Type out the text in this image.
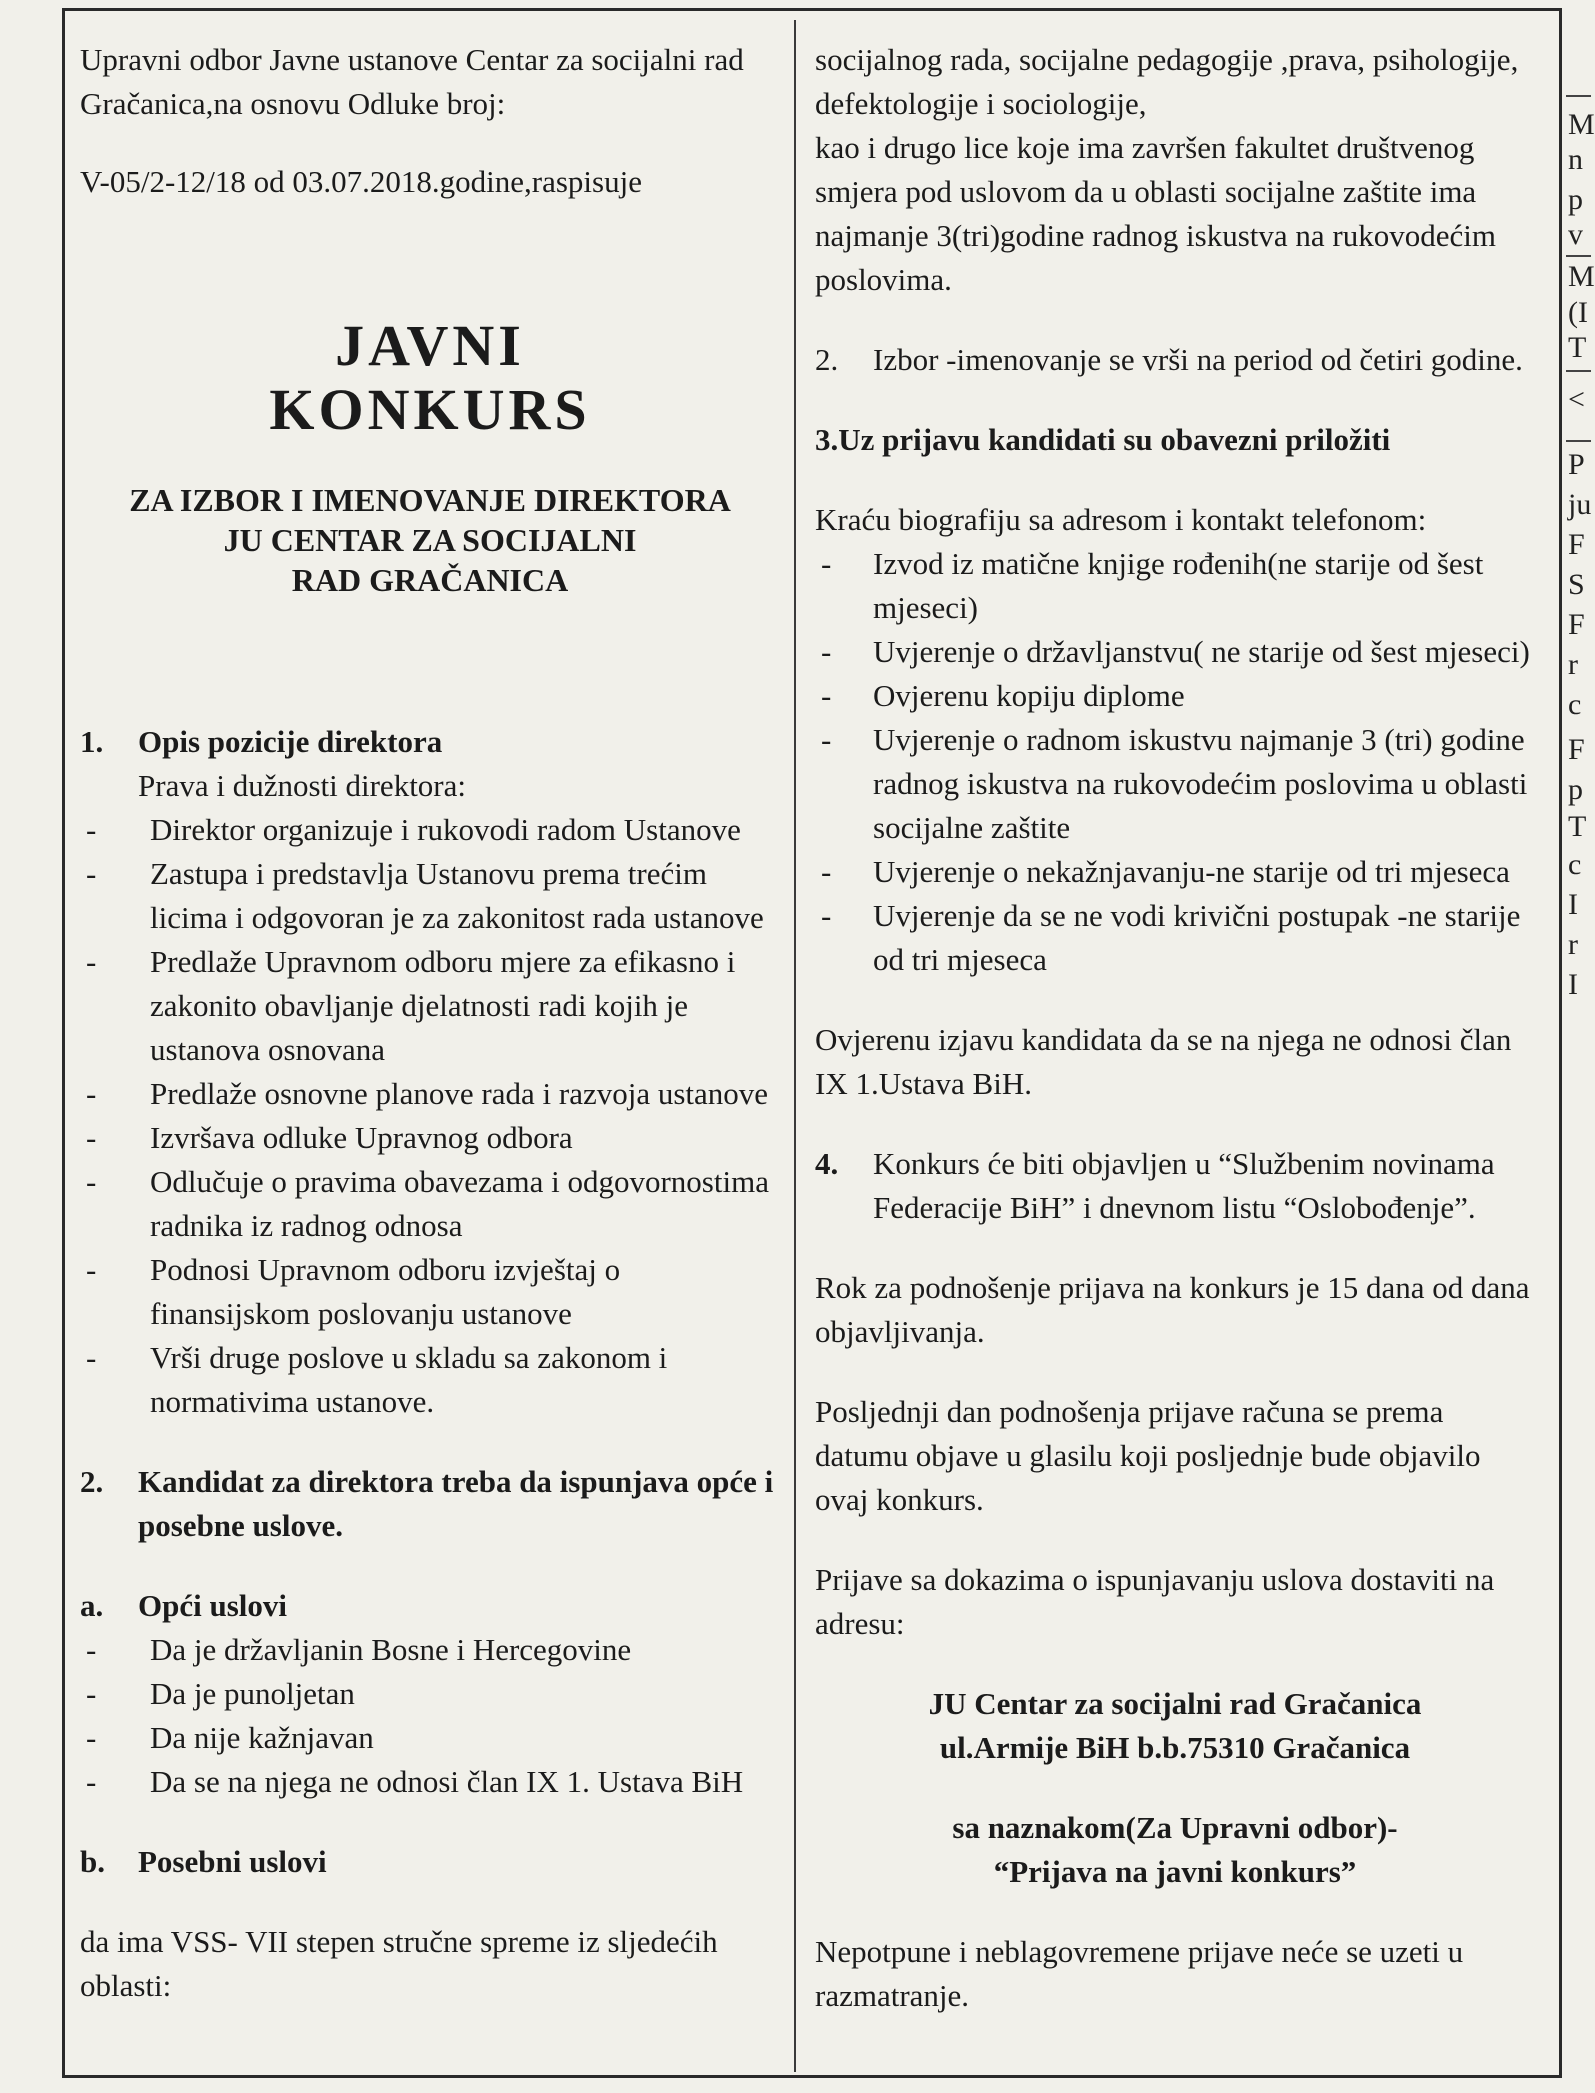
Upravni odbor Javne ustanove Centar za socijalni rad

Gračanica,na osnovu Odluke broj:

V-05/2-12/18 od 03.07.2018.godine,raspisuje

JAVNI
KONKURS
ZA IZBOR I IMENOVANJE DIREKTORA
JU CENTAR ZA SOCIJALNI
RAD GRAČANICA
1.	Opis pozicije direktora

Prava i dužnosti direktora:

- Direktor organizuje i rukovodi radom Ustanove
- Zastupa i predstavlja Ustanovu prema trećim licima i odgovoran je za zakonitost rada ustanove
- Predlaže Upravnom odboru mjere za efikasno i zakonito obavljanje djelatnosti radi kojih je ustanova osnovana
- Predlaže osnovne planove rada i razvoja ustanove
- Izvršava odluke Upravnog odbora
- Odlučuje o pravima obavezama i odgovornostima radnika iz radnog odnosa
- Podnosi Upravnom odboru izvještaj o finansijskom poslovanju ustanove
- Vrši druge poslove u skladu sa zakonom i normativima ustanove.
2.	Kandidat za direktora treba da ispunjava opće i posebne uslove.
a.	Opći uslovi
- Da je državljanin Bosne i Hercegovine
- Da je punoljetan
- Da nije kažnjavan
- Da se na njega ne odnosi član IX 1. Ustava BiH
b.	Posebni uslovi

da ima VSS- VII stepen stručne spreme iz sljedećih oblasti:

socijalnog rada, socijalne pedagogije ,prava, psihologije, defektologije i sociologije,

kao i drugo lice koje ima završen fakultet društvenog smjera pod uslovom da u oblasti socijalne zaštite ima najmanje 3(tri)godine radnog iskustva na rukovodećim poslovima.

2.	Izbor -imenovanje se vrši na period od četiri godine.

3.Uz prijavu kandidati su obavezni priložiti

Kraću biografiju sa adresom i kontakt telefonom:

- Izvod iz matične knjige rođenih(ne starije od šest mjeseci)
- Uvjerenje o državljanstvu( ne starije od šest mjeseci)
- Ovjerenu kopiju diplome
- Uvjerenje o radnom iskustvu najmanje 3 (tri) godine radnog iskustva na rukovodećim poslovima u oblasti socijalne zaštite
- Uvjerenje o nekažnjavanju-ne starije od tri mjeseca
- Uvjerenje da se ne vodi krivični postupak -ne starije od tri mjeseca

Ovjerenu izjavu kandidata da se na njega ne odnosi član IX 1.Ustava BiH.

4.	Konkurs će biti objavljen u “Službenim novinama Federacije BiH” i dnevnom listu “Oslobođenje”.

Rok za podnošenje prijava na konkurs je 15 dana od dana objavljivanja.

Posljednji dan podnošenja prijave računa se prema datumu objave u glasilu koji posljednje bude objavilo ovaj konkurs.

Prijave sa dokazima o ispunjavanju uslova dostaviti na adresu:

JU Centar za socijalni rad Gračanica
ul.Armije BiH b.b.75310 Gračanica
sa naznakom(Za Upravni odbor)-
“Prijava na javni konkurs”

Nepotpune i neblagovremene prijave neće se uzeti u razmatranje.

M
n
p
v
M
(I
T
<
P
ju
F
S
F
r
c
F
p
T
c
I
r
I
